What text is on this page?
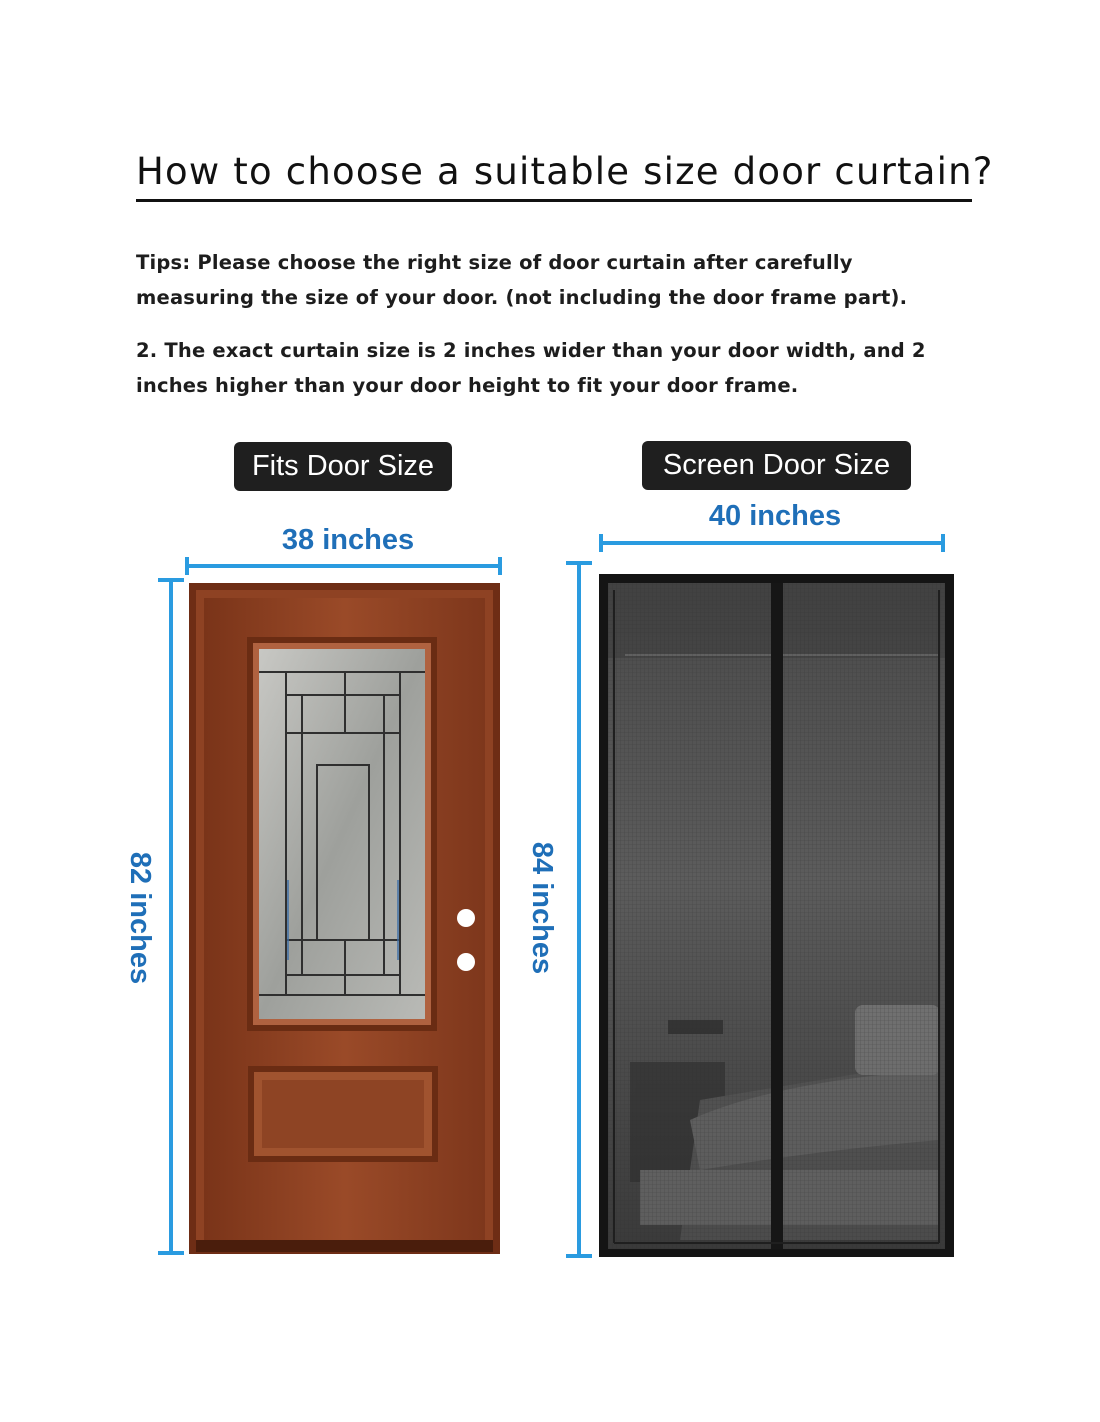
How to choose a suitable size door curtain?
Tips: Please choose the right size of door curtain after carefully measuring the size of your door. (not including the door frame part).
2. The exact curtain size is 2 inches wider than your door width, and 2 inches higher than your door height to fit your door frame.
Fits Door Size	Screen Door Size
38 inches
40 inches
82 inches	84 inches
